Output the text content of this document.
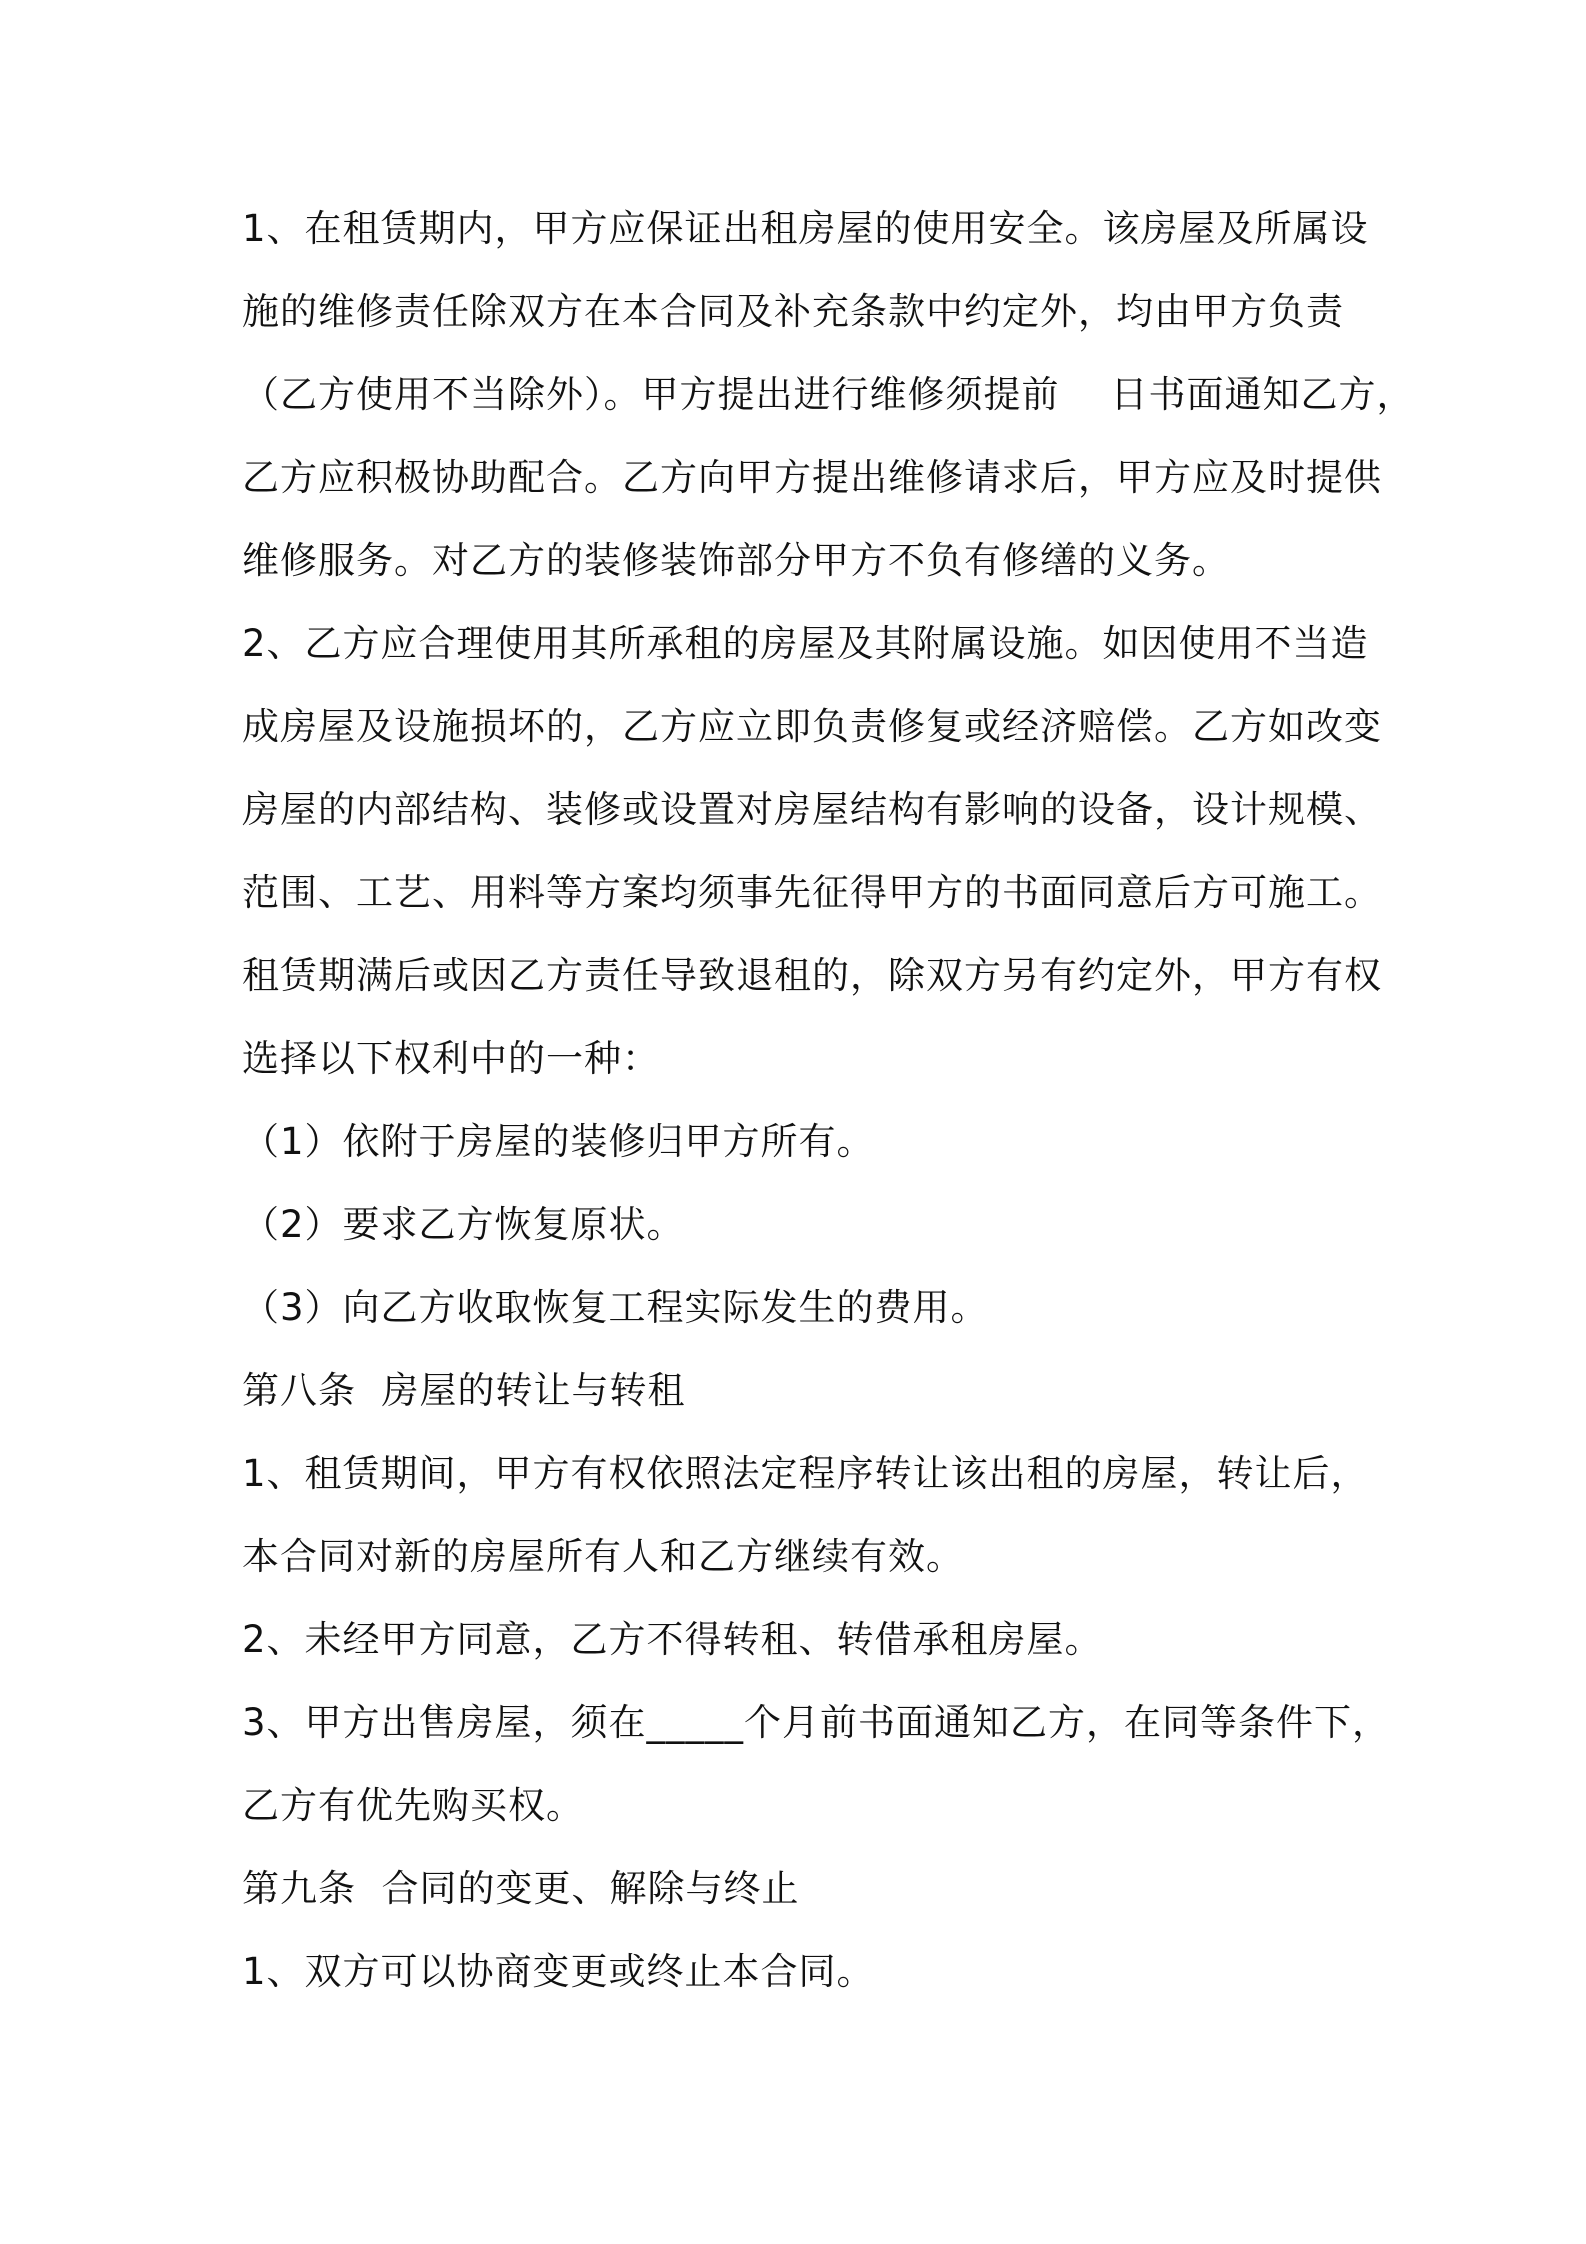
1、在租赁期内，甲方应保证出租房屋的使用安全。该房屋及所属设
施的维修责任除双方在本合同及补充条款中约定外，均由甲方负责
（乙方使用不当除外）。甲方提出进行维修须提前    日书面通知乙方，
乙方应积极协助配合。乙方向甲方提出维修请求后，甲方应及时提供
维修服务。对乙方的装修装饰部分甲方不负有修缮的义务。
2、乙方应合理使用其所承租的房屋及其附属设施。如因使用不当造
成房屋及设施损坏的，乙方应立即负责修复或经济赔偿。乙方如改变
房屋的内部结构、装修或设置对房屋结构有影响的设备，设计规模、
范围、工艺、用料等方案均须事先征得甲方的书面同意后方可施工。
租赁期满后或因乙方责任导致退租的，除双方另有约定外，甲方有权
选择以下权利中的一种：
（1）依附于房屋的装修归甲方所有。
（2）要求乙方恢复原状。
（3）向乙方收取恢复工程实际发生的费用。
第八条  房屋的转让与转租
1、租赁期间，甲方有权依照法定程序转让该出租的房屋，转让后，
本合同对新的房屋所有人和乙方继续有效。
2、未经甲方同意，乙方不得转租、转借承租房屋。
3、甲方出售房屋，须在_____个月前书面通知乙方，在同等条件下，
乙方有优先购买权。
第九条  合同的变更、解除与终止
1、双方可以协商变更或终止本合同。
